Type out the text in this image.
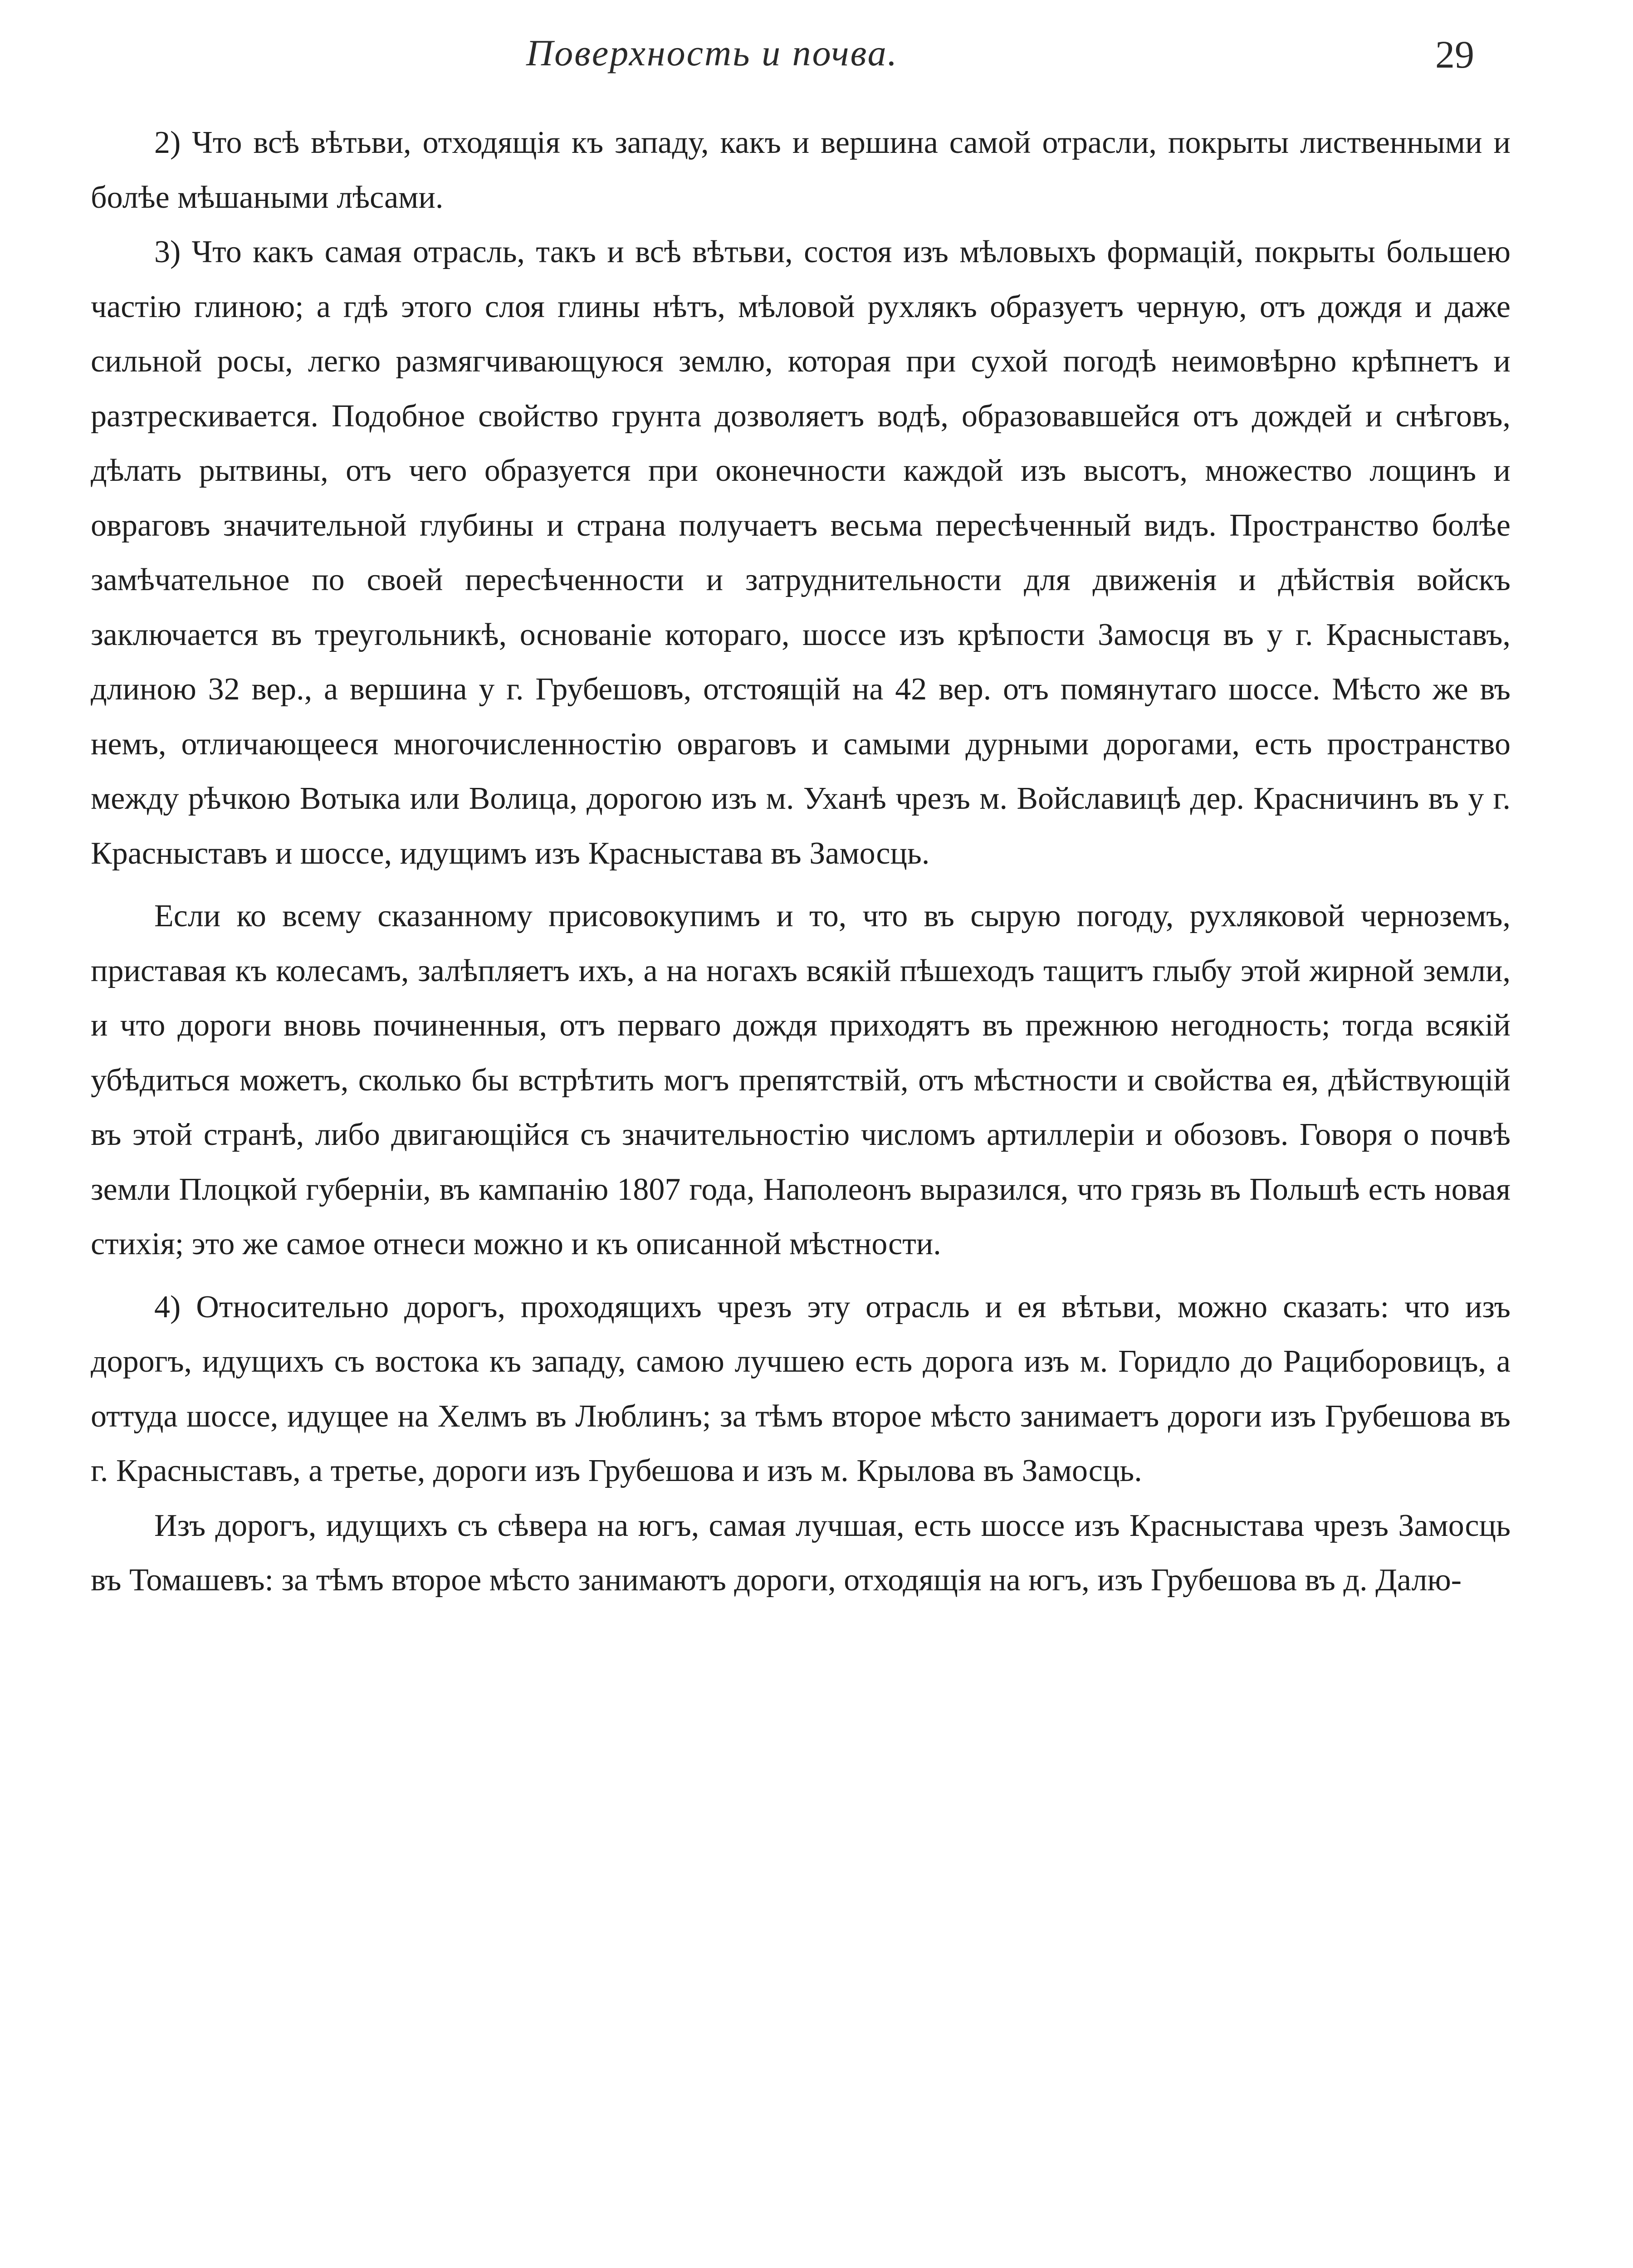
Поверхность и почва.	29

2) Что всѣ вѣтьви, отходящія къ западу, какъ и вершина самой отрасли, покрыты лиственными и болѣе мѣшаными лѣсами.

3) Что какъ самая отрасль, такъ и всѣ вѣтьви, состоя изъ мѣловыхъ формацій, покрыты большею частію глиною; а гдѣ этого слоя глины нѣтъ, мѣловой рухлякъ образуетъ черную, отъ дождя и даже сильной росы, легко размягчивающуюся землю, которая при сухой погодѣ неимовѣрно крѣпнетъ и разтрескивается. Подобное свойство грунта дозволяетъ водѣ, образовавшейся отъ дождей и снѣговъ, дѣлать рытвины, отъ чего образуется при оконечности каждой изъ высотъ, множество лощинъ и овраговъ значительной глубины и страна получаетъ весьма пересѣченный видъ. Пространство болѣе замѣчательное по своей пересѣченности и затруднительности для движенія и дѣйствія войскъ заключается въ треугольникѣ, основаніе котораго, шоссе изъ крѣпости Замосця въ у г. Красныставъ, длиною 32 вер., а вершина у г. Грубешовъ, отстоящій на 42 вер. отъ помянутаго шоссе. Мѣсто же въ немъ, отличающееся многочисленностію овраговъ и самыми дурными дорогами, есть пространство между рѣчкою Вотыка или Волица, дорогою изъ м. Уханѣ чрезъ м. Войславицѣ дер. Красничинъ въ у г. Красныставъ и шоссе, идущимъ изъ Красныстава въ Замосць.

Если ко всему сказанному присовокупимъ и то, что въ сырую погоду, рухляковой черноземъ, приставая къ колесамъ, залѣпляетъ ихъ, а на ногахъ всякій пѣшеходъ тащитъ глыбу этой жирной земли, и что дороги вновь починенныя, отъ перваго дождя приходятъ въ прежнюю негодность; тогда всякій убѣдиться можетъ, сколько бы встрѣтить могъ препятствій, отъ мѣстности и свойства ея, дѣйствующій въ этой странѣ, либо двигающійся съ значительностію числомъ артиллеріи и обозовъ. Говоря о почвѣ земли Плоцкой губерніи, въ кампанію 1807 года, Наполеонъ выразился, что грязь въ Польшѣ есть новая стихія; это же самое отнеси можно и къ описанной мѣстности.

4) Относительно дорогъ, проходящихъ чрезъ эту отрасль и ея вѣтьви, можно сказать: что изъ дорогъ, идущихъ съ востока къ западу, самою лучшею есть дорога изъ м. Горидло до Рациборовицъ, а оттуда шоссе, идущее на Хелмъ въ Люблинъ; за тѣмъ второе мѣсто занимаетъ дороги изъ Грубешова въ г. Красныставъ, а третье, дороги изъ Грубешова и изъ м. Крылова въ Замосць.

Изъ дорогъ, идущихъ съ сѣвера на югъ, самая лучшая, есть шоссе изъ Красныстава чрезъ Замосць въ Томашевъ: за тѣмъ второе мѣсто занимаютъ дороги, отходящія на югъ, изъ Грубешова въ д. Далю-
